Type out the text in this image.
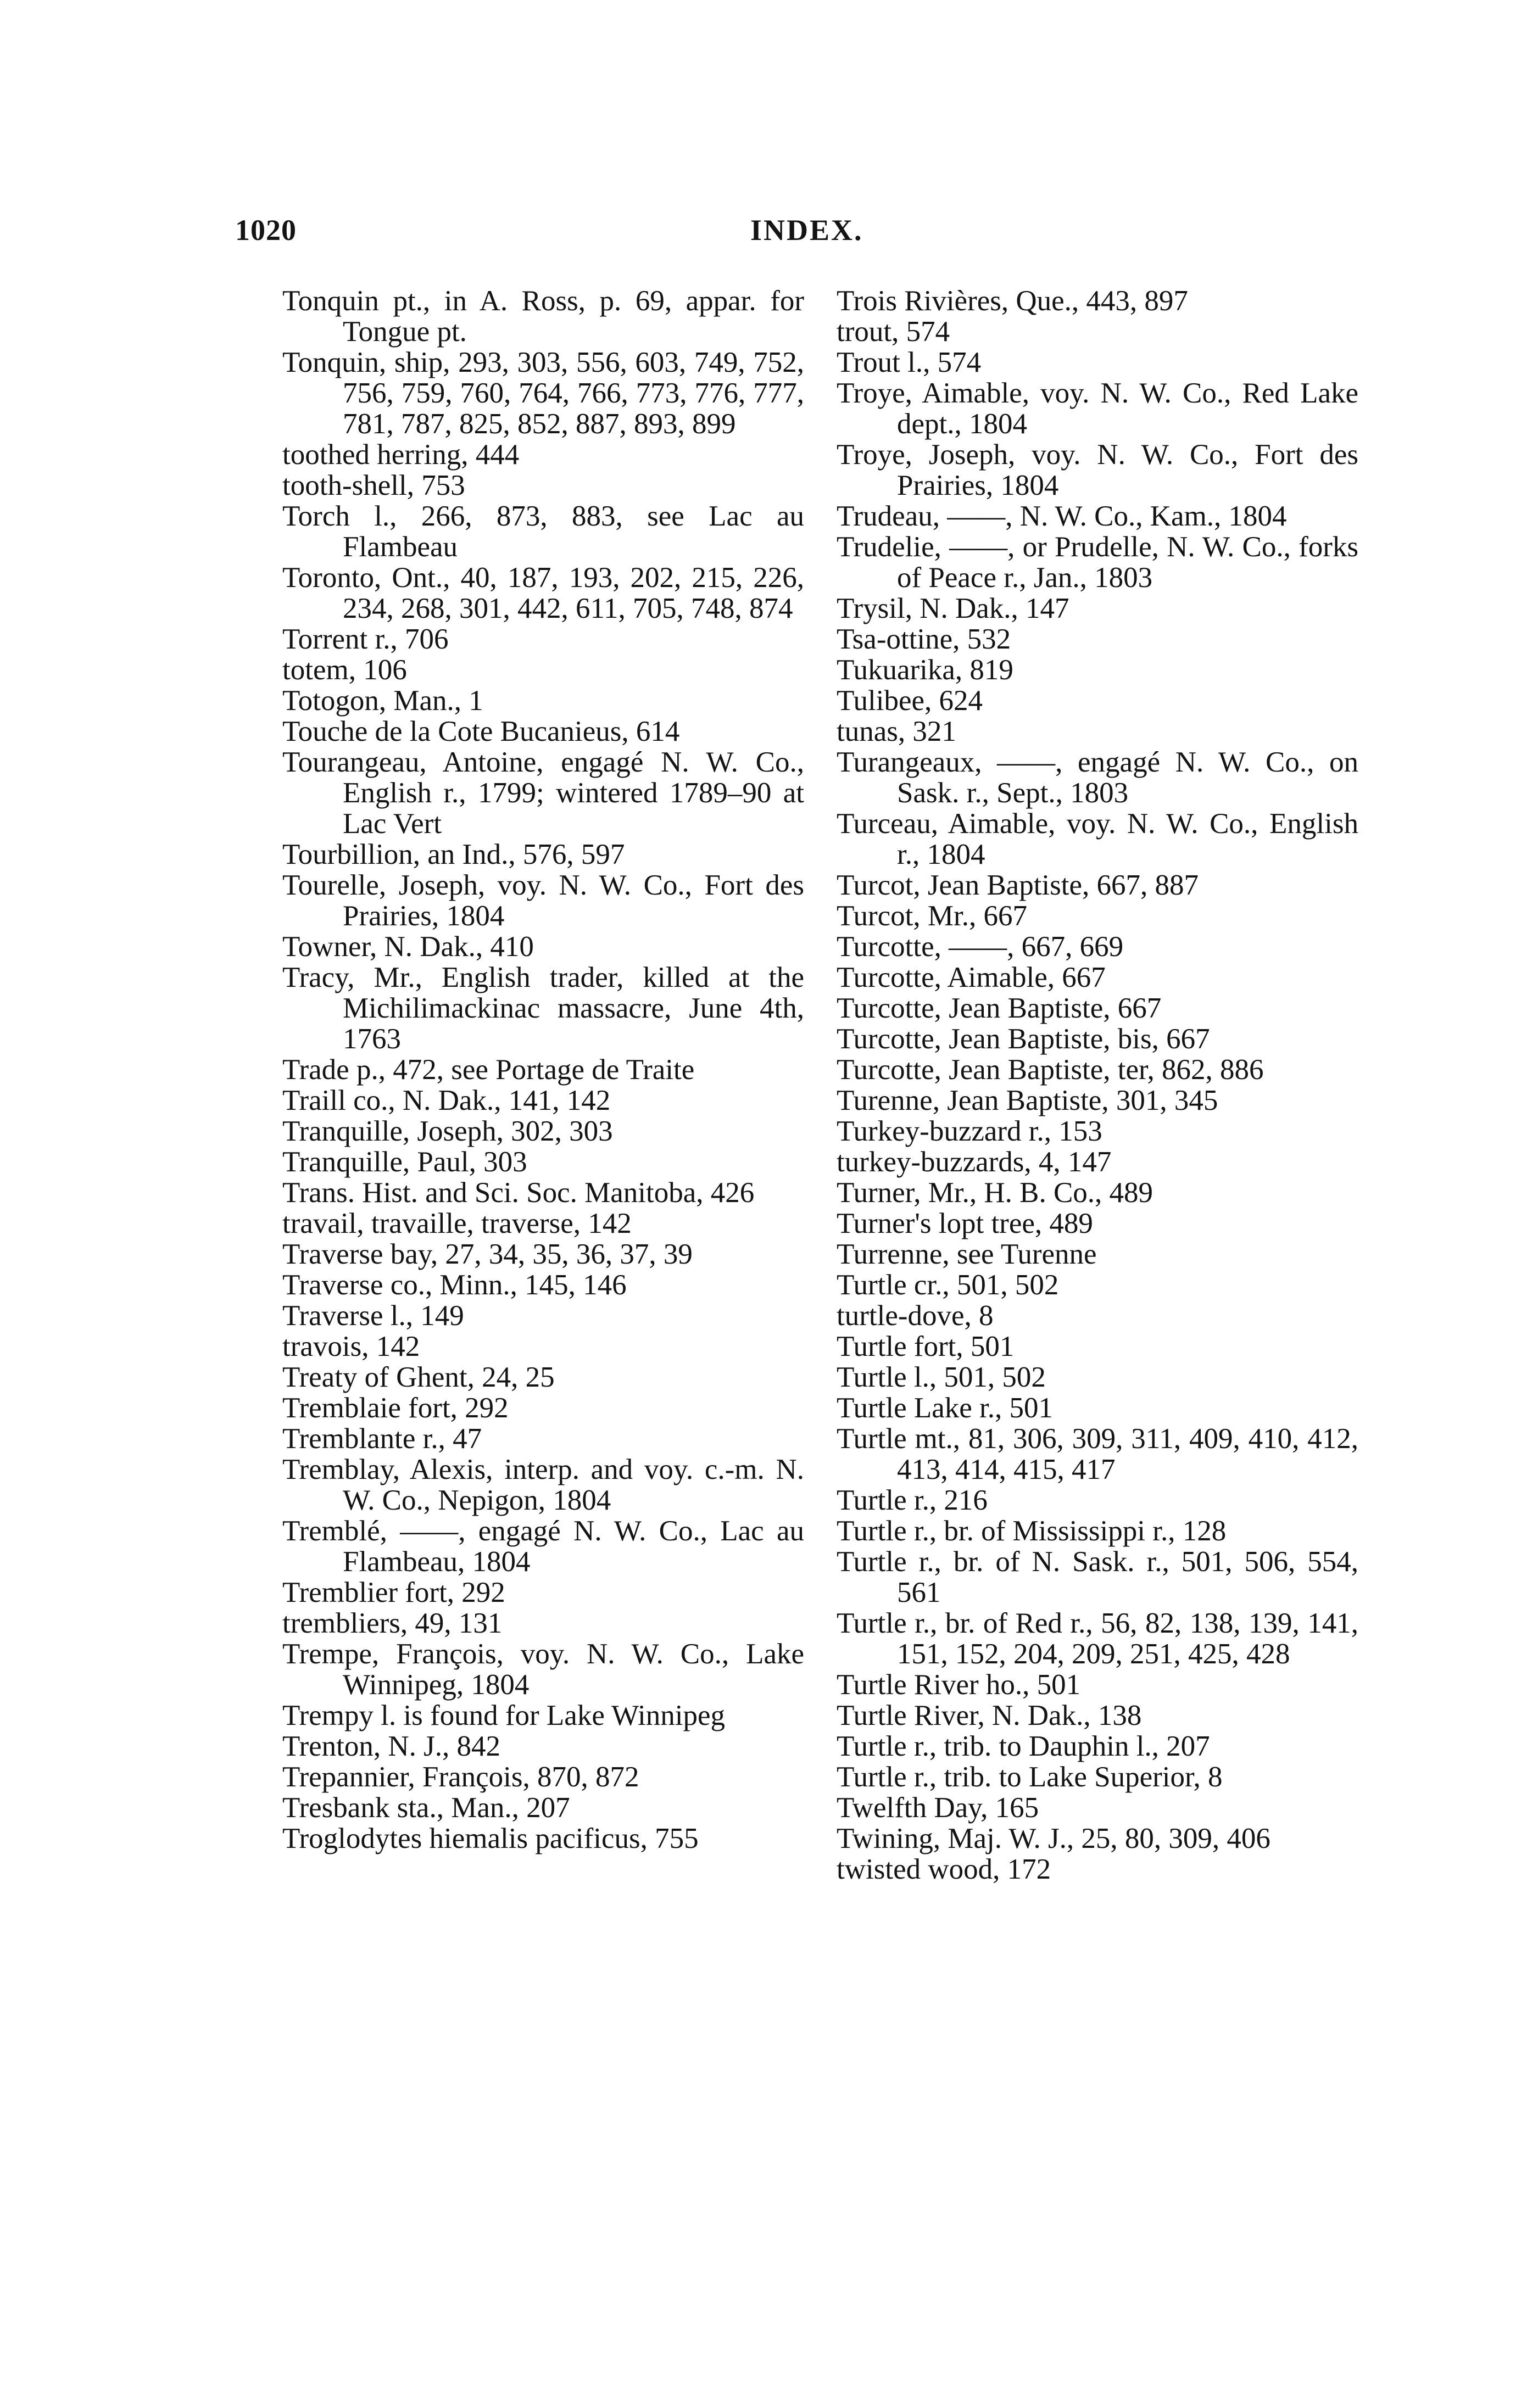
1020	INDEX.

Tonquin pt., in A. Ross, p. 69, appar. for Tongue pt.

Tonquin, ship, 293, 303, 556, 603, 749, 752, 756, 759, 760, 764, 766, 773, 776, 777, 781, 787, 825, 852, 887, 893, 899

toothed herring, 444

tooth-shell, 753

Torch l., 266, 873, 883, see Lac au Flambeau

Toronto, Ont., 40, 187, 193, 202, 215, 226, 234, 268, 301, 442, 611, 705, 748, 874

Torrent r., 706

totem, 106

Totogon, Man., 1

Touche de la Cote Bucanieus, 614

Tourangeau, Antoine, engagé N. W. Co., English r., 1799; wintered 1789–90 at Lac Vert

Tourbillion, an Ind., 576, 597

Tourelle, Joseph, voy. N. W. Co., Fort des Prairies, 1804

Towner, N. Dak., 410

Tracy, Mr., English trader, killed at the Michilimackinac massacre, June 4th, 1763

Trade p., 472, see Portage de Traite

Traill co., N. Dak., 141, 142

Tranquille, Joseph, 302, 303

Tranquille, Paul, 303

Trans. Hist. and Sci. Soc. Manitoba, 426

travail, travaille, traverse, 142

Traverse bay, 27, 34, 35, 36, 37, 39

Traverse co., Minn., 145, 146

Traverse l., 149

travois, 142

Treaty of Ghent, 24, 25

Tremblaie fort, 292

Tremblante r., 47

Tremblay, Alexis, interp. and voy. c.-m. N. W. Co., Nepigon, 1804

Tremblé, ——, engagé N. W. Co., Lac au Flambeau, 1804

Tremblier fort, 292

trembliers, 49, 131

Trempe, François, voy. N. W. Co., Lake Winnipeg, 1804

Trempy l. is found for Lake Winnipeg

Trenton, N. J., 842

Trepannier, François, 870, 872

Tresbank sta., Man., 207

Troglodytes hiemalis pacificus, 755

Trois Rivières, Que., 443, 897

trout, 574

Trout l., 574

Troye, Aimable, voy. N. W. Co., Red Lake dept., 1804

Troye, Joseph, voy. N. W. Co., Fort des Prairies, 1804

Trudeau, ——, N. W. Co., Kam., 1804

Trudelie, ——, or Prudelle, N. W. Co., forks of Peace r., Jan., 1803

Trysil, N. Dak., 147

Tsa-ottine, 532

Tukuarika, 819

Tulibee, 624

tunas, 321

Turangeaux, ——, engagé N. W. Co., on Sask. r., Sept., 1803

Turceau, Aimable, voy. N. W. Co., English r., 1804

Turcot, Jean Baptiste, 667, 887

Turcot, Mr., 667

Turcotte, ——, 667, 669

Turcotte, Aimable, 667

Turcotte, Jean Baptiste, 667

Turcotte, Jean Baptiste, bis, 667

Turcotte, Jean Baptiste, ter, 862, 886

Turenne, Jean Baptiste, 301, 345

Turkey-buzzard r., 153

turkey-buzzards, 4, 147

Turner, Mr., H. B. Co., 489

Turner's lopt tree, 489

Turrenne, see Turenne

Turtle cr., 501, 502

turtle-dove, 8

Turtle fort, 501

Turtle l., 501, 502

Turtle Lake r., 501

Turtle mt., 81, 306, 309, 311, 409, 410, 412, 413, 414, 415, 417

Turtle r., 216

Turtle r., br. of Mississippi r., 128

Turtle r., br. of N. Sask. r., 501, 506, 554, 561

Turtle r., br. of Red r., 56, 82, 138, 139, 141, 151, 152, 204, 209, 251, 425, 428

Turtle River ho., 501

Turtle River, N. Dak., 138

Turtle r., trib. to Dauphin l., 207

Turtle r., trib. to Lake Superior, 8

Twelfth Day, 165

Twining, Maj. W. J., 25, 80, 309, 406

twisted wood, 172
